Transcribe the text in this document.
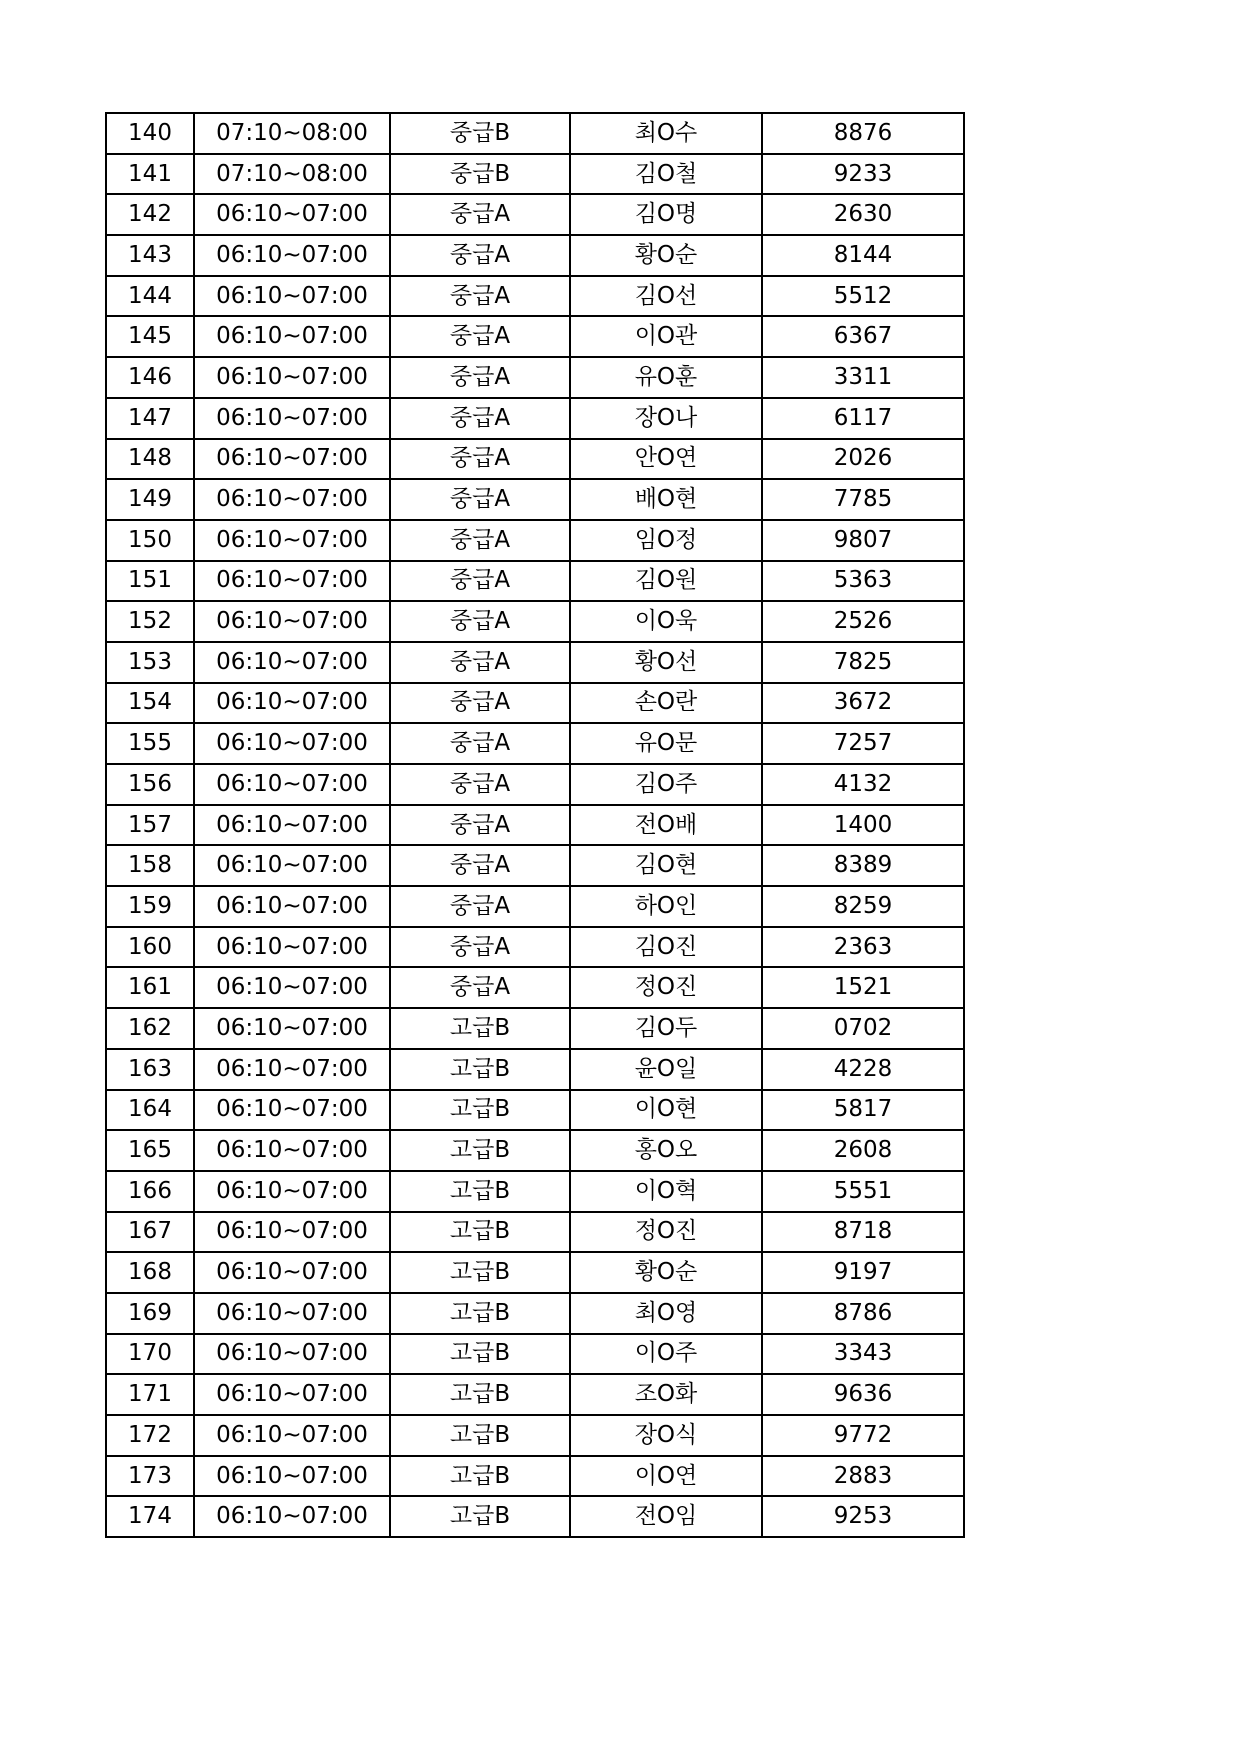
140	07:10~08:00	중급B	최O수	8876
141	07:10~08:00	중급B	김O철	9233
142	06:10~07:00	중급A	김O명	2630
143	06:10~07:00	중급A	황O순	8144
144	06:10~07:00	중급A	김O선	5512
145	06:10~07:00	중급A	이O관	6367
146	06:10~07:00	중급A	유O훈	3311
147	06:10~07:00	중급A	장O나	6117
148	06:10~07:00	중급A	안O연	2026
149	06:10~07:00	중급A	배O현	7785
150	06:10~07:00	중급A	임O정	9807
151	06:10~07:00	중급A	김O원	5363
152	06:10~07:00	중급A	이O욱	2526
153	06:10~07:00	중급A	황O선	7825
154	06:10~07:00	중급A	손O란	3672
155	06:10~07:00	중급A	유O문	7257
156	06:10~07:00	중급A	김O주	4132
157	06:10~07:00	중급A	전O배	1400
158	06:10~07:00	중급A	김O현	8389
159	06:10~07:00	중급A	하O인	8259
160	06:10~07:00	중급A	김O진	2363
161	06:10~07:00	중급A	정O진	1521
162	06:10~07:00	고급B	김O두	0702
163	06:10~07:00	고급B	윤O일	4228
164	06:10~07:00	고급B	이O현	5817
165	06:10~07:00	고급B	홍O오	2608
166	06:10~07:00	고급B	이O혁	5551
167	06:10~07:00	고급B	정O진	8718
168	06:10~07:00	고급B	황O순	9197
169	06:10~07:00	고급B	최O영	8786
170	06:10~07:00	고급B	이O주	3343
171	06:10~07:00	고급B	조O화	9636
172	06:10~07:00	고급B	장O식	9772
173	06:10~07:00	고급B	이O연	2883
174	06:10~07:00	고급B	전O임	9253
